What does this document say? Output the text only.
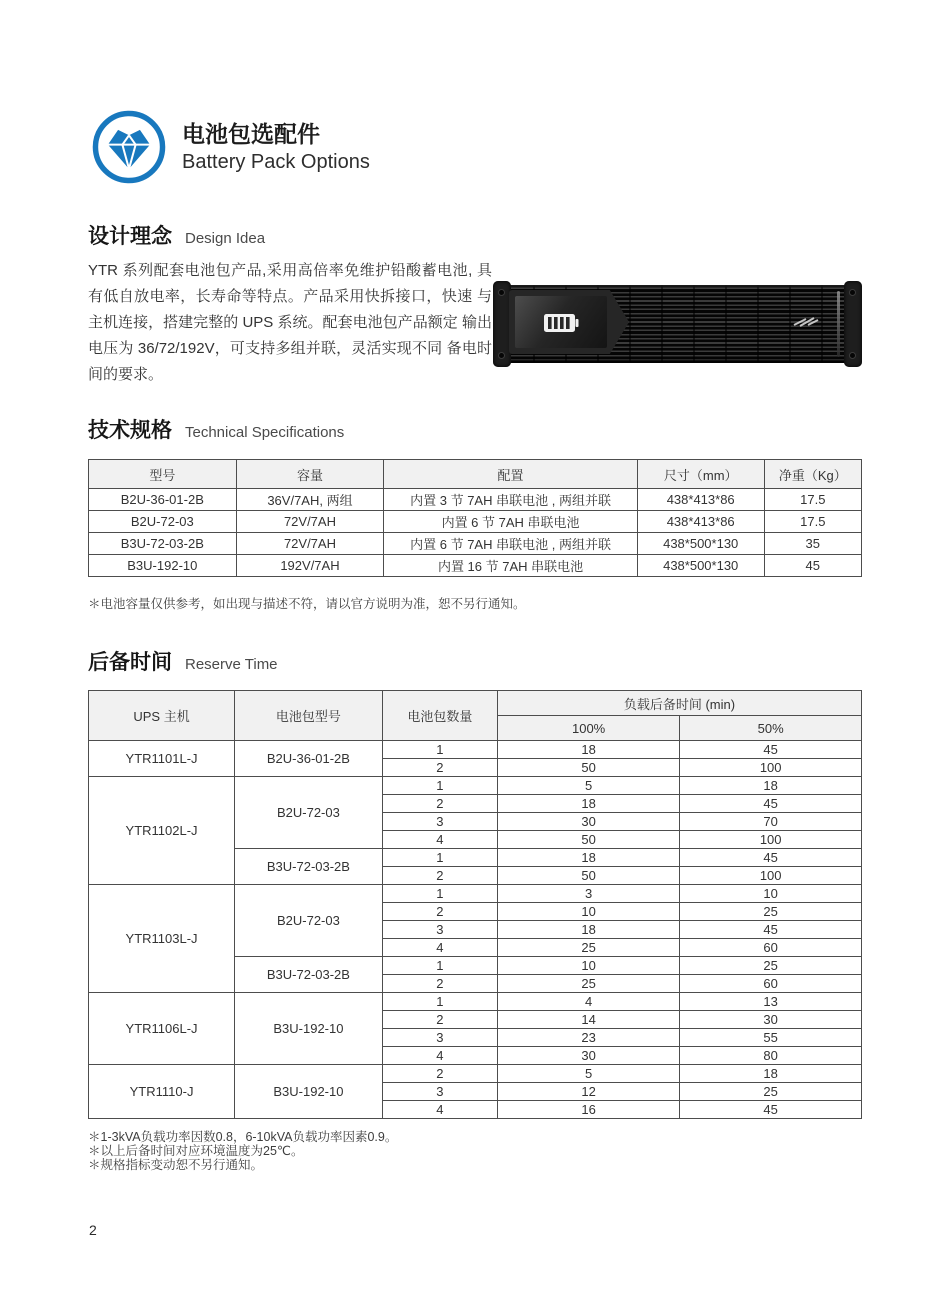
电池包选配件
Battery Pack Options
设计理念 Design Idea
YTR 系列配套电池包产品,采用高倍率免维护铅酸蓄电池, 具有低自放电率，长寿命等特点。产品采用快拆接口，快速 与主机连接，搭建完整的 UPS 系统。配套电池包产品额定 输出电压为 36/72/192V，可支持多组并联，灵活实现不同 备电时间的要求。
技术规格 Technical Specifications
型号	容量	配置	尺寸（mm）	净重（Kg）
B2U-36-01-2B	36V/7AH, 两组	内置 3 节 7AH 串联电池 , 两组并联	438*413*86	17.5
B2U-72-03	72V/7AH	内置 6 节 7AH 串联电池	438*413*86	17.5
B3U-72-03-2B	72V/7AH	内置 6 节 7AH 串联电池 , 两组并联	438*500*130	35
B3U-192-10	192V/7AH	内置 16 节 7AH 串联电池	438*500*130	45
＊电池容量仅供参考，如出现与描述不符，请以官方说明为准，恕不另行通知。
后备时间 Reserve Time
UPS 主机	电池包型号	电池包数量	负载后备时间 (min)	
			100%	50%
YTR1101L-J	B2U-36-01-2B	1	18	45
		2	50	100
YTR1102L-J	B2U-72-03	1	5	18
		2	18	45
		3	30	70
		4	50	100
	B3U-72-03-2B	1	18	45
		2	50	100
YTR1103L-J	B2U-72-03	1	3	10
		2	10	25
		3	18	45
		4	25	60
	B3U-72-03-2B	1	10	25
		2	25	60
YTR1106L-J	B3U-192-10	1	4	13
		2	14	30
		3	23	55
		4	30	80
YTR1110-J	B3U-192-10	2	5	18
		3	12	25
		4	16	45
＊1-3kVA负载功率因数0.8，6-10kVA负载功率因素0.9。
＊以上后备时间对应环境温度为25℃。
＊规格指标变动恕不另行通知。
2
